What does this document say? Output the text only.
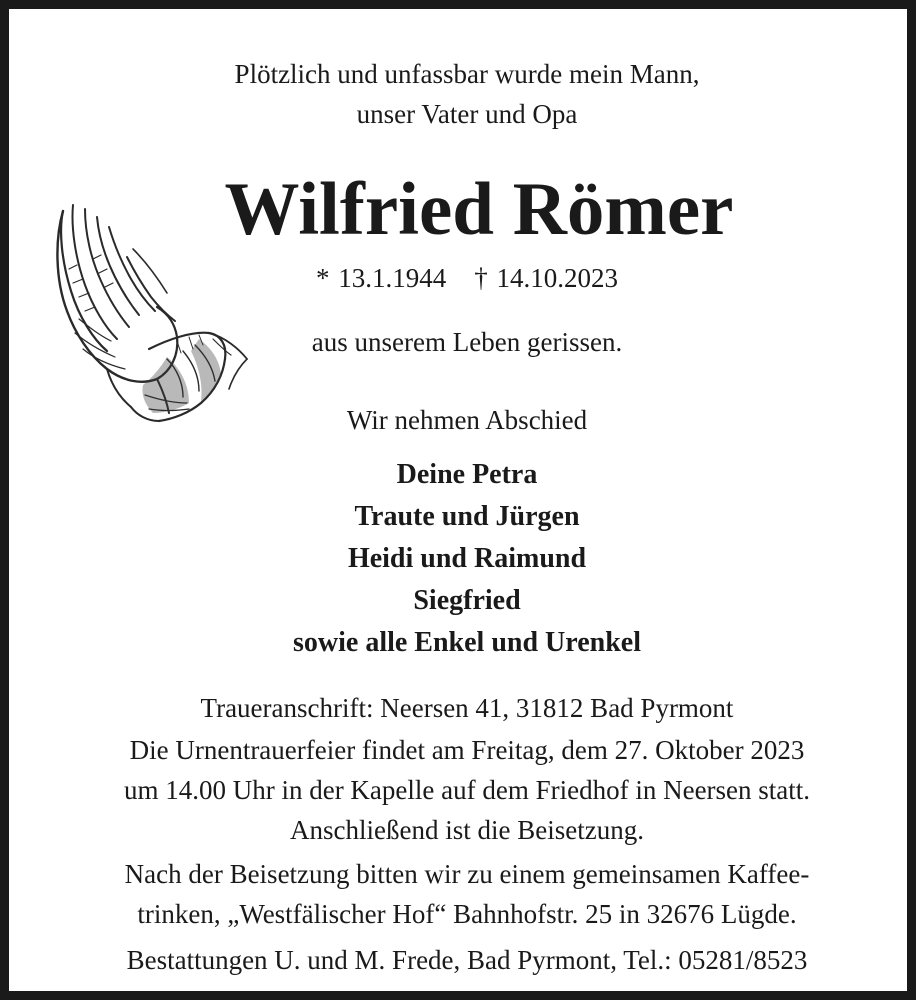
Plötzlich und unfassbar wurde mein Mann,
unser Vater und Opa
Wilfried Römer
* 13.1.1944 † 14.10.2023
aus unserem Leben gerissen.
Wir nehmen Abschied
Deine Petra
Traute und Jürgen
Heidi und Raimund
Siegfried
sowie alle Enkel und Urenkel
Traueranschrift: Neersen 41, 31812 Bad Pyrmont
Die Urnentrauerfeier findet am Freitag, dem 27. Oktober 2023
um 14.00 Uhr in der Kapelle auf dem Friedhof in Neersen statt.
Anschließend ist die Beisetzung.
Nach der Beisetzung bitten wir zu einem gemeinsamen Kaffee-
trinken, „Westfälischer Hof“ Bahnhofstr. 25 in 32676 Lügde.
Bestattungen U. und M. Frede, Bad Pyrmont, Tel.: 05281/8523
